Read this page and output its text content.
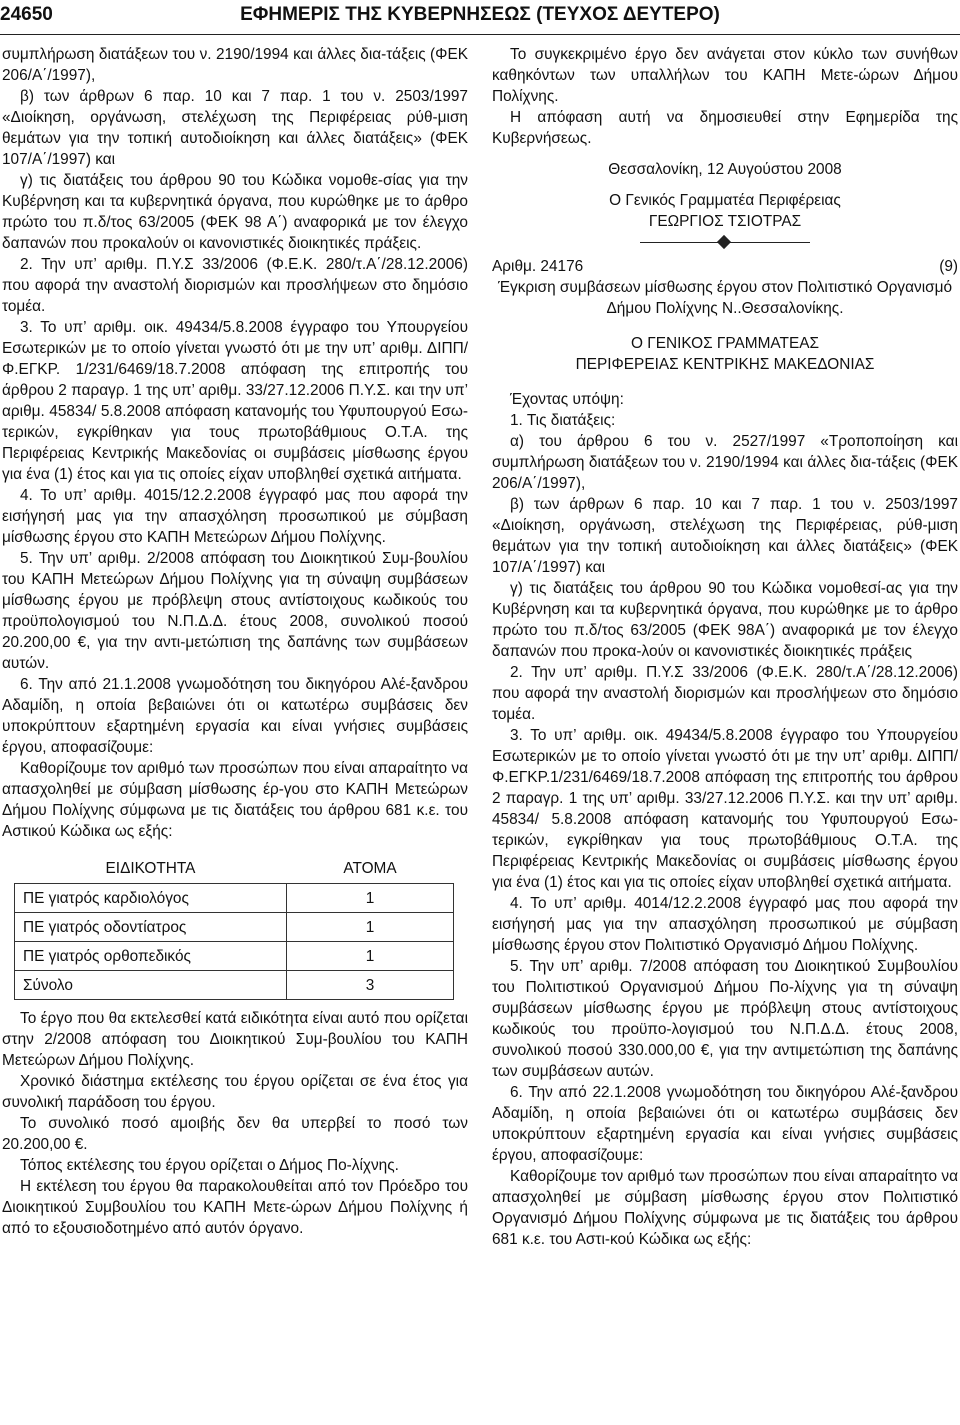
24650	ΕΦΗΜΕΡΙΣ ΤΗΣ ΚΥΒΕΡΝΗΣΕΩΣ (ΤΕΥΧΟΣ ΔΕΥΤΕΡΟ)

συμπλήρωση διατάξεων του ν. 2190/1994 και άλλες δια-τάξεις (ΦΕΚ 206/Α΄/1997),

β) των άρθρων 6 παρ. 10 και 7 παρ. 1 του ν. 2503/1997 «Διοίκηση, οργάνωση, στελέχωση της Περιφέρειας ρύθ-μιση θεμάτων για την τοπική αυτοδιοίκηση και άλλες διατάξεις» (ΦΕΚ 107/Α΄/1997) και

γ) τις διατάξεις του άρθρου 90 του Κώδικα νομοθε-σίας για την Κυβέρνηση και τα κυβερνητικά όργανα, που κυρώθηκε με το άρθρο πρώτο του π.δ/τος 63/2005 (ΦΕΚ 98 Α΄) αναφορικά με τον έλεγχο δαπανών που προκαλούν οι κανονιστικές διοικητικές πράξεις.

2. Την υπ’ αριθμ. Π.Υ.Σ 33/2006 (Φ.Ε.Κ. 280/τ.Α΄/28.12.2006) που αφορά την αναστολή διορισμών και προσλήψεων στο δημόσιο τομέα.

3. Το υπ’ αριθμ. οικ. 49434/5.8.2008 έγγραφο του Υπουργείου Εσωτερικών με το οποίο γίνεται γνωστό ότι με την υπ’ αριθμ. ΔΙΠΠ/Φ.ΕΓΚΡ. 1/231/6469/18.7.2008 απόφαση της επιτροπής του άρθρου 2 παραγρ. 1 της υπ’ αριθμ. 33/27.12.2006 Π.Υ.Σ. και την υπ’ αριθμ. 45834/ 5.8.2008 απόφαση κατανομής του Υφυπουργού Εσω-τερικών, εγκρίθηκαν για τους πρωτοβάθμιους Ο.Τ.Α. της Περιφέρειας Κεντρικής Μακεδονίας οι συμβάσεις μίσθωσης έργου για ένα (1) έτος και για τις οποίες είχαν υποβληθεί σχετικά αιτήματα.

4. Το υπ’ αριθμ. 4015/12.2.2008 έγγραφό μας που αφορά την εισήγησή μας για την απασχόληση προσωπικού με σύμβαση μίσθωσης έργου στο ΚΑΠΗ Μετεώρων Δήμου Πολίχνης.

5. Την υπ’ αριθμ. 2/2008 απόφαση του Διοικητικού Συμ-βουλίου του ΚΑΠΗ Μετεώρων Δήμου Πολίχνης για τη σύναψη συμβάσεων μίσθωσης έργου με πρόβλεψη στους αντίστοιχους κωδικούς του προϋπολογισμού του Ν.Π.Δ.Δ. έτους 2008, συνολικού ποσού 20.200,00 €, για την αντι-μετώπιση της δαπάνης των συμβάσεων αυτών.

6. Την από 21.1.2008 γνωμοδότηση του δικηγόρου Αλέ-ξανδρου Αδαμίδη, η οποία βεβαιώνει ότι οι κατωτέρω συμβάσεις δεν υποκρύπτουν εξαρτημένη εργασία και είναι γνήσιες συμβάσεις έργου, αποφασίζουμε:

Καθορίζουμε τον αριθμό των προσώπων που είναι απαραίτητο να απασχοληθεί με σύμβαση μίσθωσης έρ-γου στο ΚΑΠΗ Μετεώρων Δήμου Πολίχνης σύμφωνα με τις διατάξεις του άρθρου 681 κ.ε. του Αστικού Κώδικα ως εξής:

ΕΙΔΙΚΟΤΗΤΑ	ΑΤΟΜΑ
ΠΕ γιατρός καρδιολόγος	1
ΠΕ γιατρός οδοντίατρος	1
ΠΕ γιατρός ορθοπεδικός	1
Σύνολο	3

Το έργο που θα εκτελεσθεί κατά ειδικότητα είναι αυτό που ορίζεται στην 2/2008 απόφαση του Διοικητικού Συμ-βουλίου του ΚΑΠΗ Μετεώρων Δήμου Πολίχνης.

Χρονικό διάστημα εκτέλεσης του έργου ορίζεται σε ένα έτος για συνολική παράδοση του έργου.

Το συνολικό ποσό αμοιβής δεν θα υπερβεί το ποσό των 20.200,00 €.

Τόπος εκτέλεσης του έργου ορίζεται ο Δήμος Πο-λίχνης.

Η εκτέλεση του έργου θα παρακολουθείται από τον Πρόεδρο του Διοικητικού Συμβουλίου του ΚΑΠΗ Μετε-ώρων Δήμου Πολίχνης ή από το εξουσιοδοτημένο από αυτόν όργανο.

Το συγκεκριμένο έργο δεν ανάγεται στον κύκλο των συνήθων καθηκόντων των υπαλλήλων του ΚΑΠΗ Μετε-ώρων Δήμου Πολίχνης.

Η απόφαση αυτή να δημοσιευθεί στην Εφημερίδα της Κυβερνήσεως.

Θεσσαλονίκη, 12 Αυγούστου 2008

Ο Γενικός Γραμματέα Περιφέρειας

ΓΕΩΡΓΙΟΣ ΤΣΙΟΤΡΑΣ

Αριθμ. 24176	(9)

Έγκριση συμβάσεων μίσθωσης έργου στον Πολιτιστικό Οργανισμό Δήμου Πολίχνης Ν..Θεσσαλονίκης.

Ο ΓΕΝΙΚΟΣ ΓΡΑΜΜΑΤΕΑΣ

ΠΕΡΙΦΕΡΕΙΑΣ ΚΕΝΤΡΙΚΗΣ ΜΑΚΕΔΟΝΙΑΣ

Έχοντας υπόψη:

1. Τις διατάξεις:

α) του άρθρου 6 του ν. 2527/1997 «Τροποποίηση και συμπλήρωση διατάξεων του ν. 2190/1994 και άλλες δια-τάξεις (ΦΕΚ 206/Α΄/1997),

β) των άρθρων 6 παρ. 10 και 7 παρ. 1 του ν. 2503/1997 «Διοίκηση, οργάνωση, στελέχωση της Περιφέρειας, ρύθ-μιση θεμάτων για την τοπική αυτοδιοίκηση και άλλες διατάξεις» (ΦΕΚ 107/Α΄/1997) και

γ) τις διατάξεις του άρθρου 90 του Κώδικα νομοθεσί-ας για την Κυβέρνηση και τα κυβερνητικά όργανα, που κυρώθηκε με το άρθρο πρώτο του π.δ/τος 63/2005 (ΦΕΚ 98Α΄) αναφορικά με τον έλεγχο δαπανών που προκα-λούν οι κανονιστικές διοικητικές πράξεις

2. Την υπ’ αριθμ. Π.Υ.Σ 33/2006 (Φ.Ε.Κ. 280/τ.Α΄/28.12.2006) που αφορά την αναστολή διορισμών και προσλήψεων στο δημόσιο τομέα.

3. Το υπ’ αριθμ. οικ. 49434/5.8.2008 έγγραφο του Υπουργείου Εσωτερικών με το οποίο γίνεται γνωστό ότι με την υπ’ αριθμ. ΔΙΠΠ/Φ.ΕΓΚΡ.1/231/6469/18.7.2008 απόφαση της επιτροπής του άρθρου 2 παραγρ. 1 της υπ’ αριθμ. 33/27.12.2006 Π.Υ.Σ. και την υπ’ αριθμ. 45834/ 5.8.2008 απόφαση κατανομής του Υφυπουργού Εσω-τερικών, εγκρίθηκαν για τους πρωτοβάθμιους Ο.Τ.Α. της Περιφέρειας Κεντρικής Μακεδονίας οι συμβάσεις μίσθωσης έργου για ένα (1) έτος και για τις οποίες είχαν υποβληθεί σχετικά αιτήματα.

4. Το υπ’ αριθμ. 4014/12.2.2008 έγγραφό μας που αφορά την εισήγησή μας για την απασχόληση προσωπικού με σύμβαση μίσθωσης έργου στον Πολιτιστικό Οργανισμό Δήμου Πολίχνης.

5. Την υπ’ αριθμ. 7/2008 απόφαση του Διοικητικού Συμβουλίου του Πολιτιστικού Οργανισμού Δήμου Πο-λίχνης για τη σύναψη συμβάσεων μίσθωσης έργου με πρόβλεψη στους αντίστοιχους κωδικούς του προϋπο-λογισμού του Ν.Π.Δ.Δ. έτους 2008, συνολικού ποσού 330.000,00 €, για την αντιμετώπιση της δαπάνης των συμβάσεων αυτών.

6. Την από 22.1.2008 γνωμοδότηση του δικηγόρου Αλέ-ξανδρου Αδαμίδη, η οποία βεβαιώνει ότι οι κατωτέρω συμβάσεις δεν υποκρύπτουν εξαρτημένη εργασία και είναι γνήσιες συμβάσεις έργου, αποφασίζουμε:

Καθορίζουμε τον αριθμό των προσώπων που είναι απαραίτητο να απασχοληθεί με σύμβαση μίσθωσης έργου στον Πολιτιστικό Οργανισμό Δήμου Πολίχνης σύμφωνα με τις διατάξεις του άρθρου 681 κ.ε. του Αστι-κού Κώδικα ως εξής:
